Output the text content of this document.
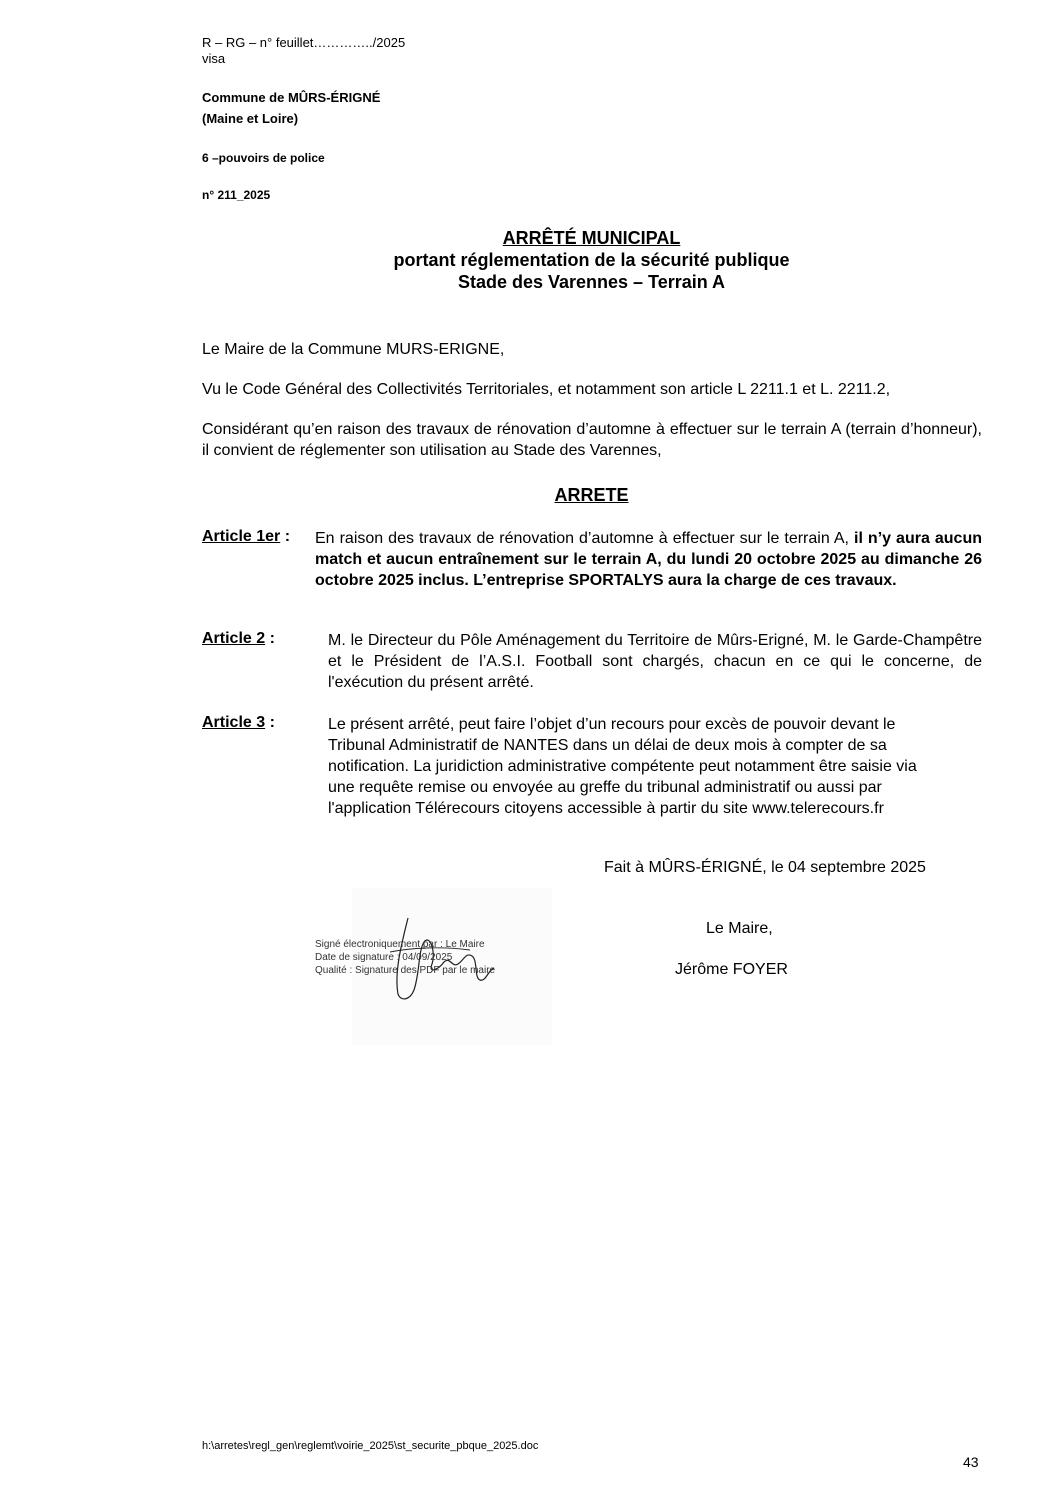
R – RG – n° feuillet…………../2025
visa
Commune de MÛRS-ÉRIGNÉ
(Maine et Loire)
6 –pouvoirs de police
n° 211_2025
ARRÊTÉ MUNICIPAL
portant réglementation de la sécurité publique
Stade des Varennes – Terrain A
Le Maire de la Commune MURS-ERIGNE,
Vu le Code Général des Collectivités Territoriales, et notamment son article L 2211.1 et L. 2211.2,
Considérant qu’en raison des travaux de rénovation d’automne à effectuer sur le terrain A (terrain d’honneur), il convient de réglementer son utilisation au Stade des Varennes,
ARRETE
Article 1er : En raison des travaux de rénovation d’automne à effectuer sur le terrain A, il n’y aura aucun match et aucun entraînement sur le terrain A, du lundi 20 octobre 2025 au dimanche 26 octobre 2025 inclus. L’entreprise SPORTALYS aura la charge de ces travaux.
Article 2 :	M. le Directeur du Pôle Aménagement du Territoire de Mûrs-Erigné, M. le Garde-Champêtre et le Président de l’A.S.I. Football sont chargés, chacun en ce qui le concerne, de l'exécution du présent arrêté.
Article 3 :	Le présent arrêté, peut faire l’objet d’un recours pour excès de pouvoir devant le
Tribunal Administratif de NANTES dans un délai de deux mois à compter de sa
notification. La juridiction administrative compétente peut notamment être saisie via
une requête remise ou envoyée au greffe du tribunal administratif ou aussi par
l'application Télérecours citoyens accessible à partir du site www.telerecours.fr
Fait à MÛRS-ÉRIGNÉ, le 04 septembre 2025
Signé électroniquement par : Le Maire
Date de signature : 04/09/2025
Qualité : Signature des PDF par le maire
Le Maire,
Jérôme FOYER
h:\arretes\regl_gen\reglemt\voirie_2025\st_securite_pbque_2025.doc
43
